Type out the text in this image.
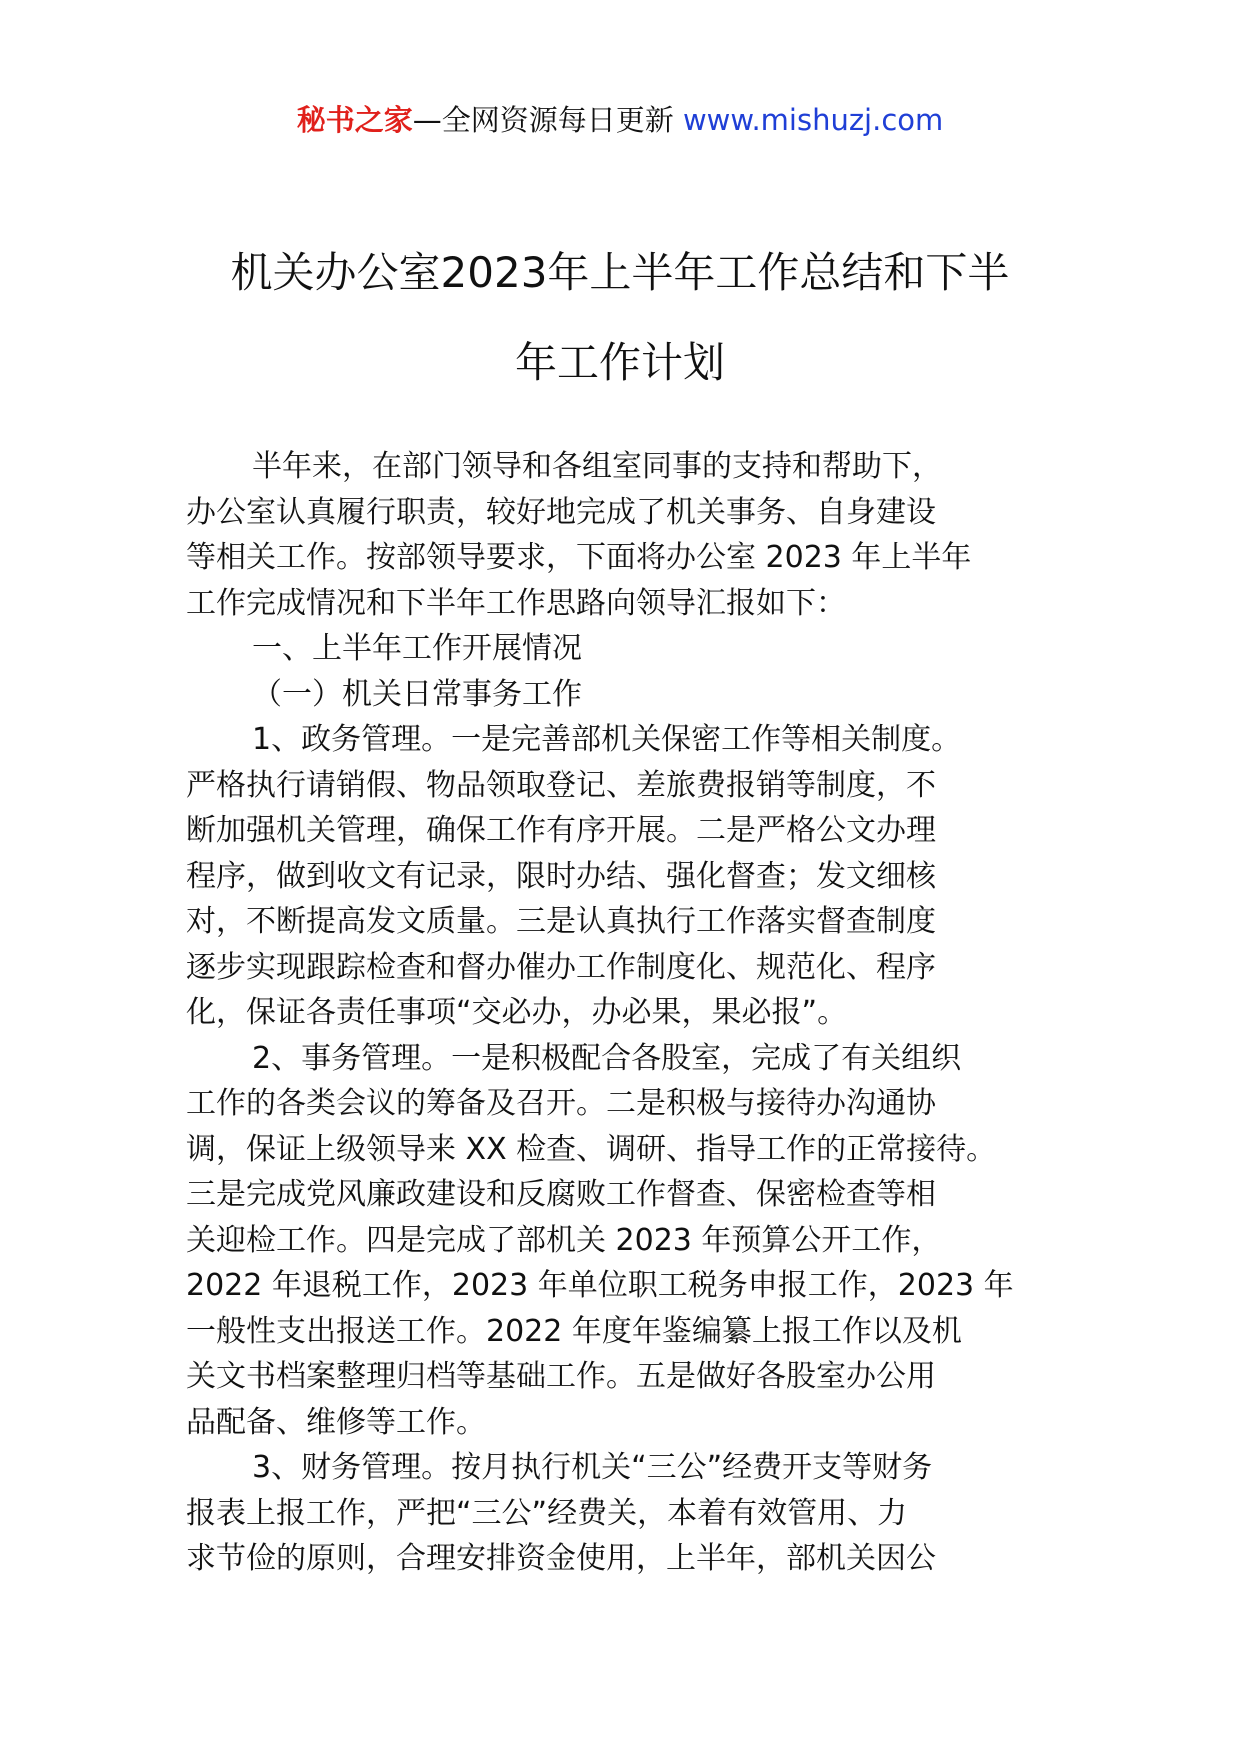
秘书之家—全网资源每日更新 www.mishuzj.com
机关办公室2023年上半年工作总结和下半
年工作计划
半年来，在部门领导和各组室同事的支持和帮助下，
办公室认真履行职责，较好地完成了机关事务、自身建设
等相关工作。按部领导要求，下面将办公室 2023 年上半年
工作完成情况和下半年工作思路向领导汇报如下：
一、上半年工作开展情况
（一）机关日常事务工作
1、政务管理。一是完善部机关保密工作等相关制度。
严格执行请销假、物品领取登记、差旅费报销等制度，不
断加强机关管理，确保工作有序开展。二是严格公文办理
程序，做到收文有记录，限时办结、强化督查；发文细核
对，不断提高发文质量。三是认真执行工作落实督查制度
逐步实现跟踪检查和督办催办工作制度化、规范化、程序
化，保证各责任事项“交必办，办必果，果必报”。
2、事务管理。一是积极配合各股室，完成了有关组织
工作的各类会议的筹备及召开。二是积极与接待办沟通协
调，保证上级领导来 XX 检查、调研、指导工作的正常接待。
三是完成党风廉政建设和反腐败工作督查、保密检查等相
关迎检工作。四是完成了部机关 2023 年预算公开工作，
2022 年退税工作，2023 年单位职工税务申报工作，2023 年
一般性支出报送工作。2022 年度年鉴编纂上报工作以及机
关文书档案整理归档等基础工作。五是做好各股室办公用
品配备、维修等工作。
3、财务管理。按月执行机关“三公”经费开支等财务
报表上报工作，严把“三公”经费关，本着有效管用、力
求节俭的原则，合理安排资金使用，上半年，部机关因公
